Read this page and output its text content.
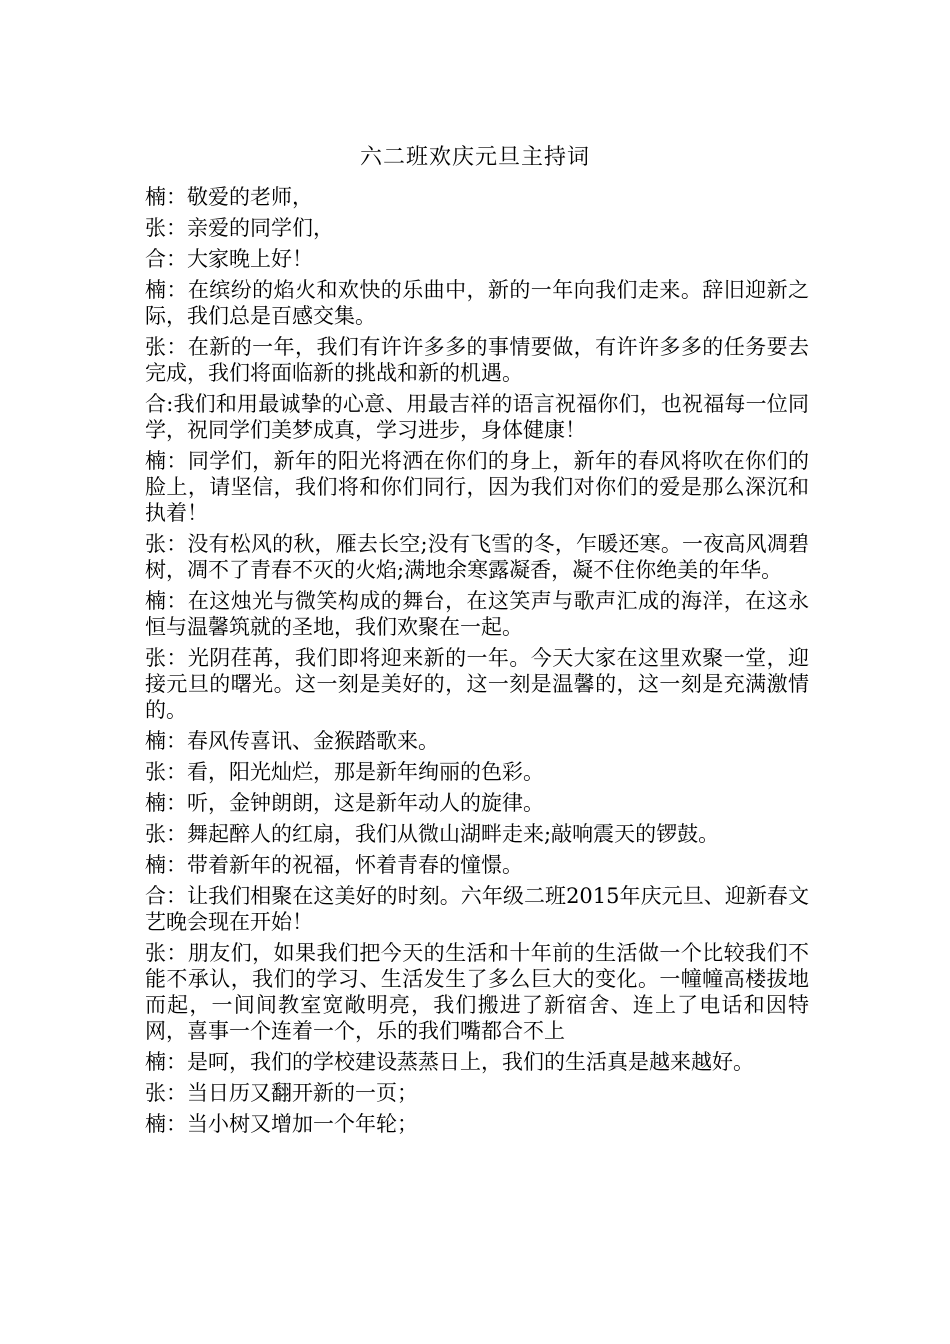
六二班欢庆元旦主持词

楠：敬爱的老师，

张：亲爱的同学们，

合：大家晚上好！

楠：在缤纷的焰火和欢快的乐曲中，新的一年向我们走来。辞旧迎新之际，我们总是百感交集。

张：在新的一年，我们有许许多多的事情要做，有许许多多的任务要去完成，我们将面临新的挑战和新的机遇。

合:我们和用最诚挚的心意、用最吉祥的语言祝福你们，也祝福每一位同学，祝同学们美梦成真，学习进步，身体健康！

楠：同学们，新年的阳光将洒在你们的身上，新年的春风将吹在你们的脸上，请坚信，我们将和你们同行，因为我们对你们的爱是那么深沉和执着！

张：没有松风的秋，雁去长空;没有飞雪的冬，乍暖还寒。一夜高风凋碧树，凋不了青春不灭的火焰;满地余寒露凝香，凝不住你绝美的年华。

楠：在这烛光与微笑构成的舞台，在这笑声与歌声汇成的海洋，在这永恒与温馨筑就的圣地，我们欢聚在一起。

张：光阴荏苒，我们即将迎来新的一年。今天大家在这里欢聚一堂，迎接元旦的曙光。这一刻是美好的，这一刻是温馨的，这一刻是充满激情的。

楠：春风传喜讯、金猴踏歌来。

张：看，阳光灿烂，那是新年绚丽的色彩。

楠：听，金钟朗朗，这是新年动人的旋律。

张：舞起醉人的红扇，我们从微山湖畔走来;敲响震天的锣鼓。

楠：带着新年的祝福，怀着青春的憧憬。

合：让我们相聚在这美好的时刻。六年级二班2015年庆元旦、迎新春文艺晚会现在开始！

张：朋友们，如果我们把今天的生活和十年前的生活做一个比较我们不能不承认，我们的学习、生活发生了多么巨大的变化。一幢幢高楼拔地而起，一间间教室宽敞明亮，我们搬进了新宿舍、连上了电话和因特网，喜事一个连着一个，乐的我们嘴都合不上

楠：是呵，我们的学校建设蒸蒸日上，我们的生活真是越来越好。

张：当日历又翻开新的一页；

楠：当小树又增加一个年轮；
